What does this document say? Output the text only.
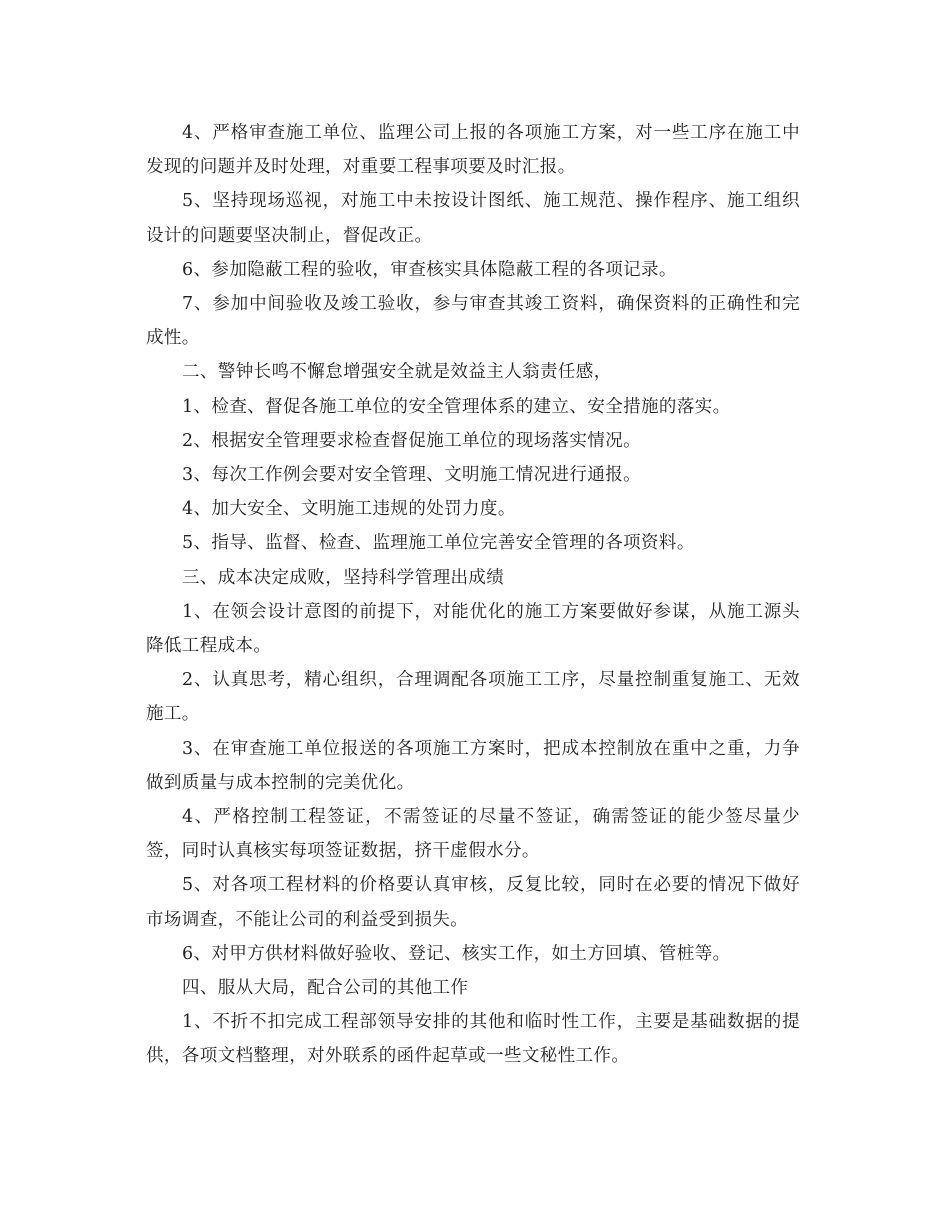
4、严格审查施工单位、监理公司上报的各项施工方案，对一些工序在施工中发现的问题并及时处理，对重要工程事项要及时汇报。

5、坚持现场巡视，对施工中未按设计图纸、施工规范、操作程序、施工组织设计的问题要坚决制止，督促改正。

6、参加隐蔽工程的验收，审查核实具体隐蔽工程的各项记录。

7、参加中间验收及竣工验收，参与审查其竣工资料，确保资料的正确性和完成性。

二、警钟长鸣不懈怠增强安全就是效益主人翁责任感，

1、检查、督促各施工单位的安全管理体系的建立、安全措施的落实。

2、根据安全管理要求检查督促施工单位的现场落实情况。

3、每次工作例会要对安全管理、文明施工情况进行通报。

4、加大安全、文明施工违规的处罚力度。

5、指导、监督、检查、监理施工单位完善安全管理的各项资料。

三、成本决定成败，坚持科学管理出成绩

1、在领会设计意图的前提下，对能优化的施工方案要做好参谋，从施工源头降低工程成本。

2、认真思考，精心组织，合理调配各项施工工序，尽量控制重复施工、无效施工。

3、在审查施工单位报送的各项施工方案时，把成本控制放在重中之重，力争做到质量与成本控制的完美优化。

4、严格控制工程签证，不需签证的尽量不签证，确需签证的能少签尽量少签，同时认真核实每项签证数据，挤干虚假水分。

5、对各项工程材料的价格要认真审核，反复比较，同时在必要的情况下做好市场调查，不能让公司的利益受到损失。

6、对甲方供材料做好验收、登记、核实工作，如土方回填、管桩等。

四、服从大局，配合公司的其他工作

1、不折不扣完成工程部领导安排的其他和临时性工作，主要是基础数据的提供，各项文档整理，对外联系的函件起草或一些文秘性工作。
